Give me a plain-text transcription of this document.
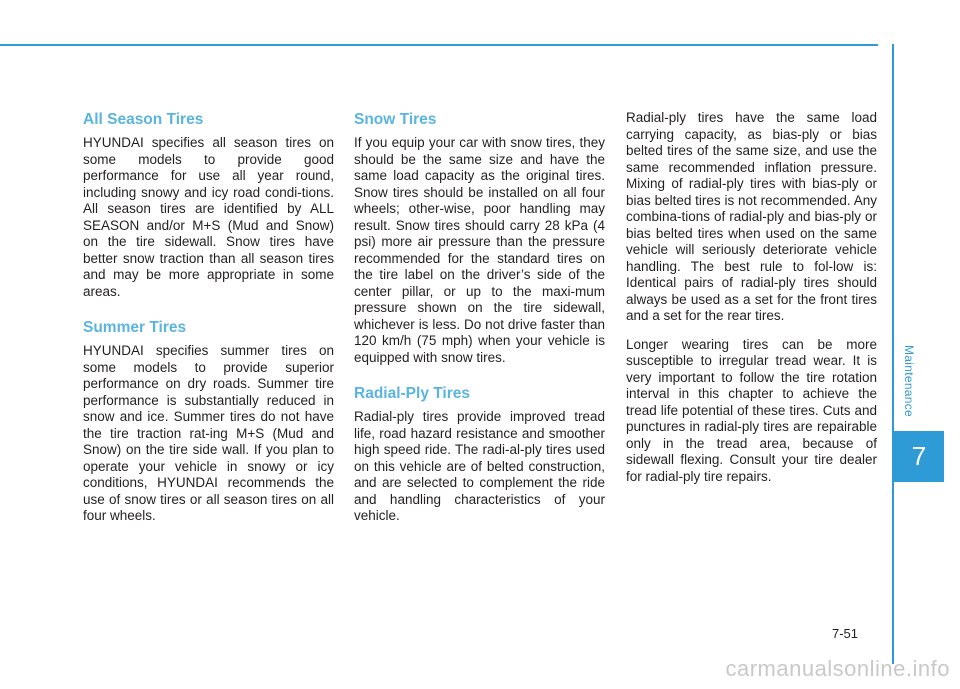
Maintenance
7
All Season Tires

HYUNDAI specifies all season tires on some models to provide good performance for use all year round, including snowy and icy road condi-tions. All season tires are identified by ALL SEASON and/or M+S (Mud and Snow) on the tire sidewall. Snow tires have better snow traction than all season tires and may be more appropriate in some areas.

Summer Tires

HYUNDAI specifies summer tires on some models to provide superior performance on dry roads. Summer tire performance is substantially reduced in snow and ice. Summer tires do not have the tire traction rat-ing M+S (Mud and Snow) on the tire side wall. If you plan to operate your vehicle in snowy or icy conditions, HYUNDAI recommends the use of snow tires or all season tires on all four wheels.

Snow Tires

If you equip your car with snow tires, they should be the same size and have the same load capacity as the original tires. Snow tires should be installed on all four wheels; other-wise, poor handling may result. Snow tires should carry 28 kPa (4 psi) more air pressure than the pressure recommended for the standard tires on the tire label on the driver’s side of the center pillar, or up to the maxi-mum pressure shown on the tire sidewall, whichever is less. Do not drive faster than 120 km/h (75 mph) when your vehicle is equipped with snow tires.

Radial-Ply Tires

Radial-ply tires provide improved tread life, road hazard resistance and smoother high speed ride. The radi-al-ply tires used on this vehicle are of belted construction, and are selected to complement the ride and handling characteristics of your vehicle.

Radial-ply tires have the same load carrying capacity, as bias-ply or bias belted tires of the same size, and use the same recommended inflation pressure. Mixing of radial-ply tires with bias-ply or bias belted tires is not recommended. Any combina-tions of radial-ply and bias-ply or bias belted tires when used on the same vehicle will seriously deteriorate vehicle handling. The best rule to fol-low is: Identical pairs of radial-ply tires should always be used as a set for the front tires and a set for the rear tires.

Longer wearing tires can be more susceptible to irregular tread wear. It is very important to follow the tire rotation interval in this chapter to achieve the tread life potential of these tires. Cuts and punctures in radial-ply tires are repairable only in the tread area, because of sidewall flexing. Consult your tire dealer for radial-ply tire repairs.

7-51
carmanualsonline.info
